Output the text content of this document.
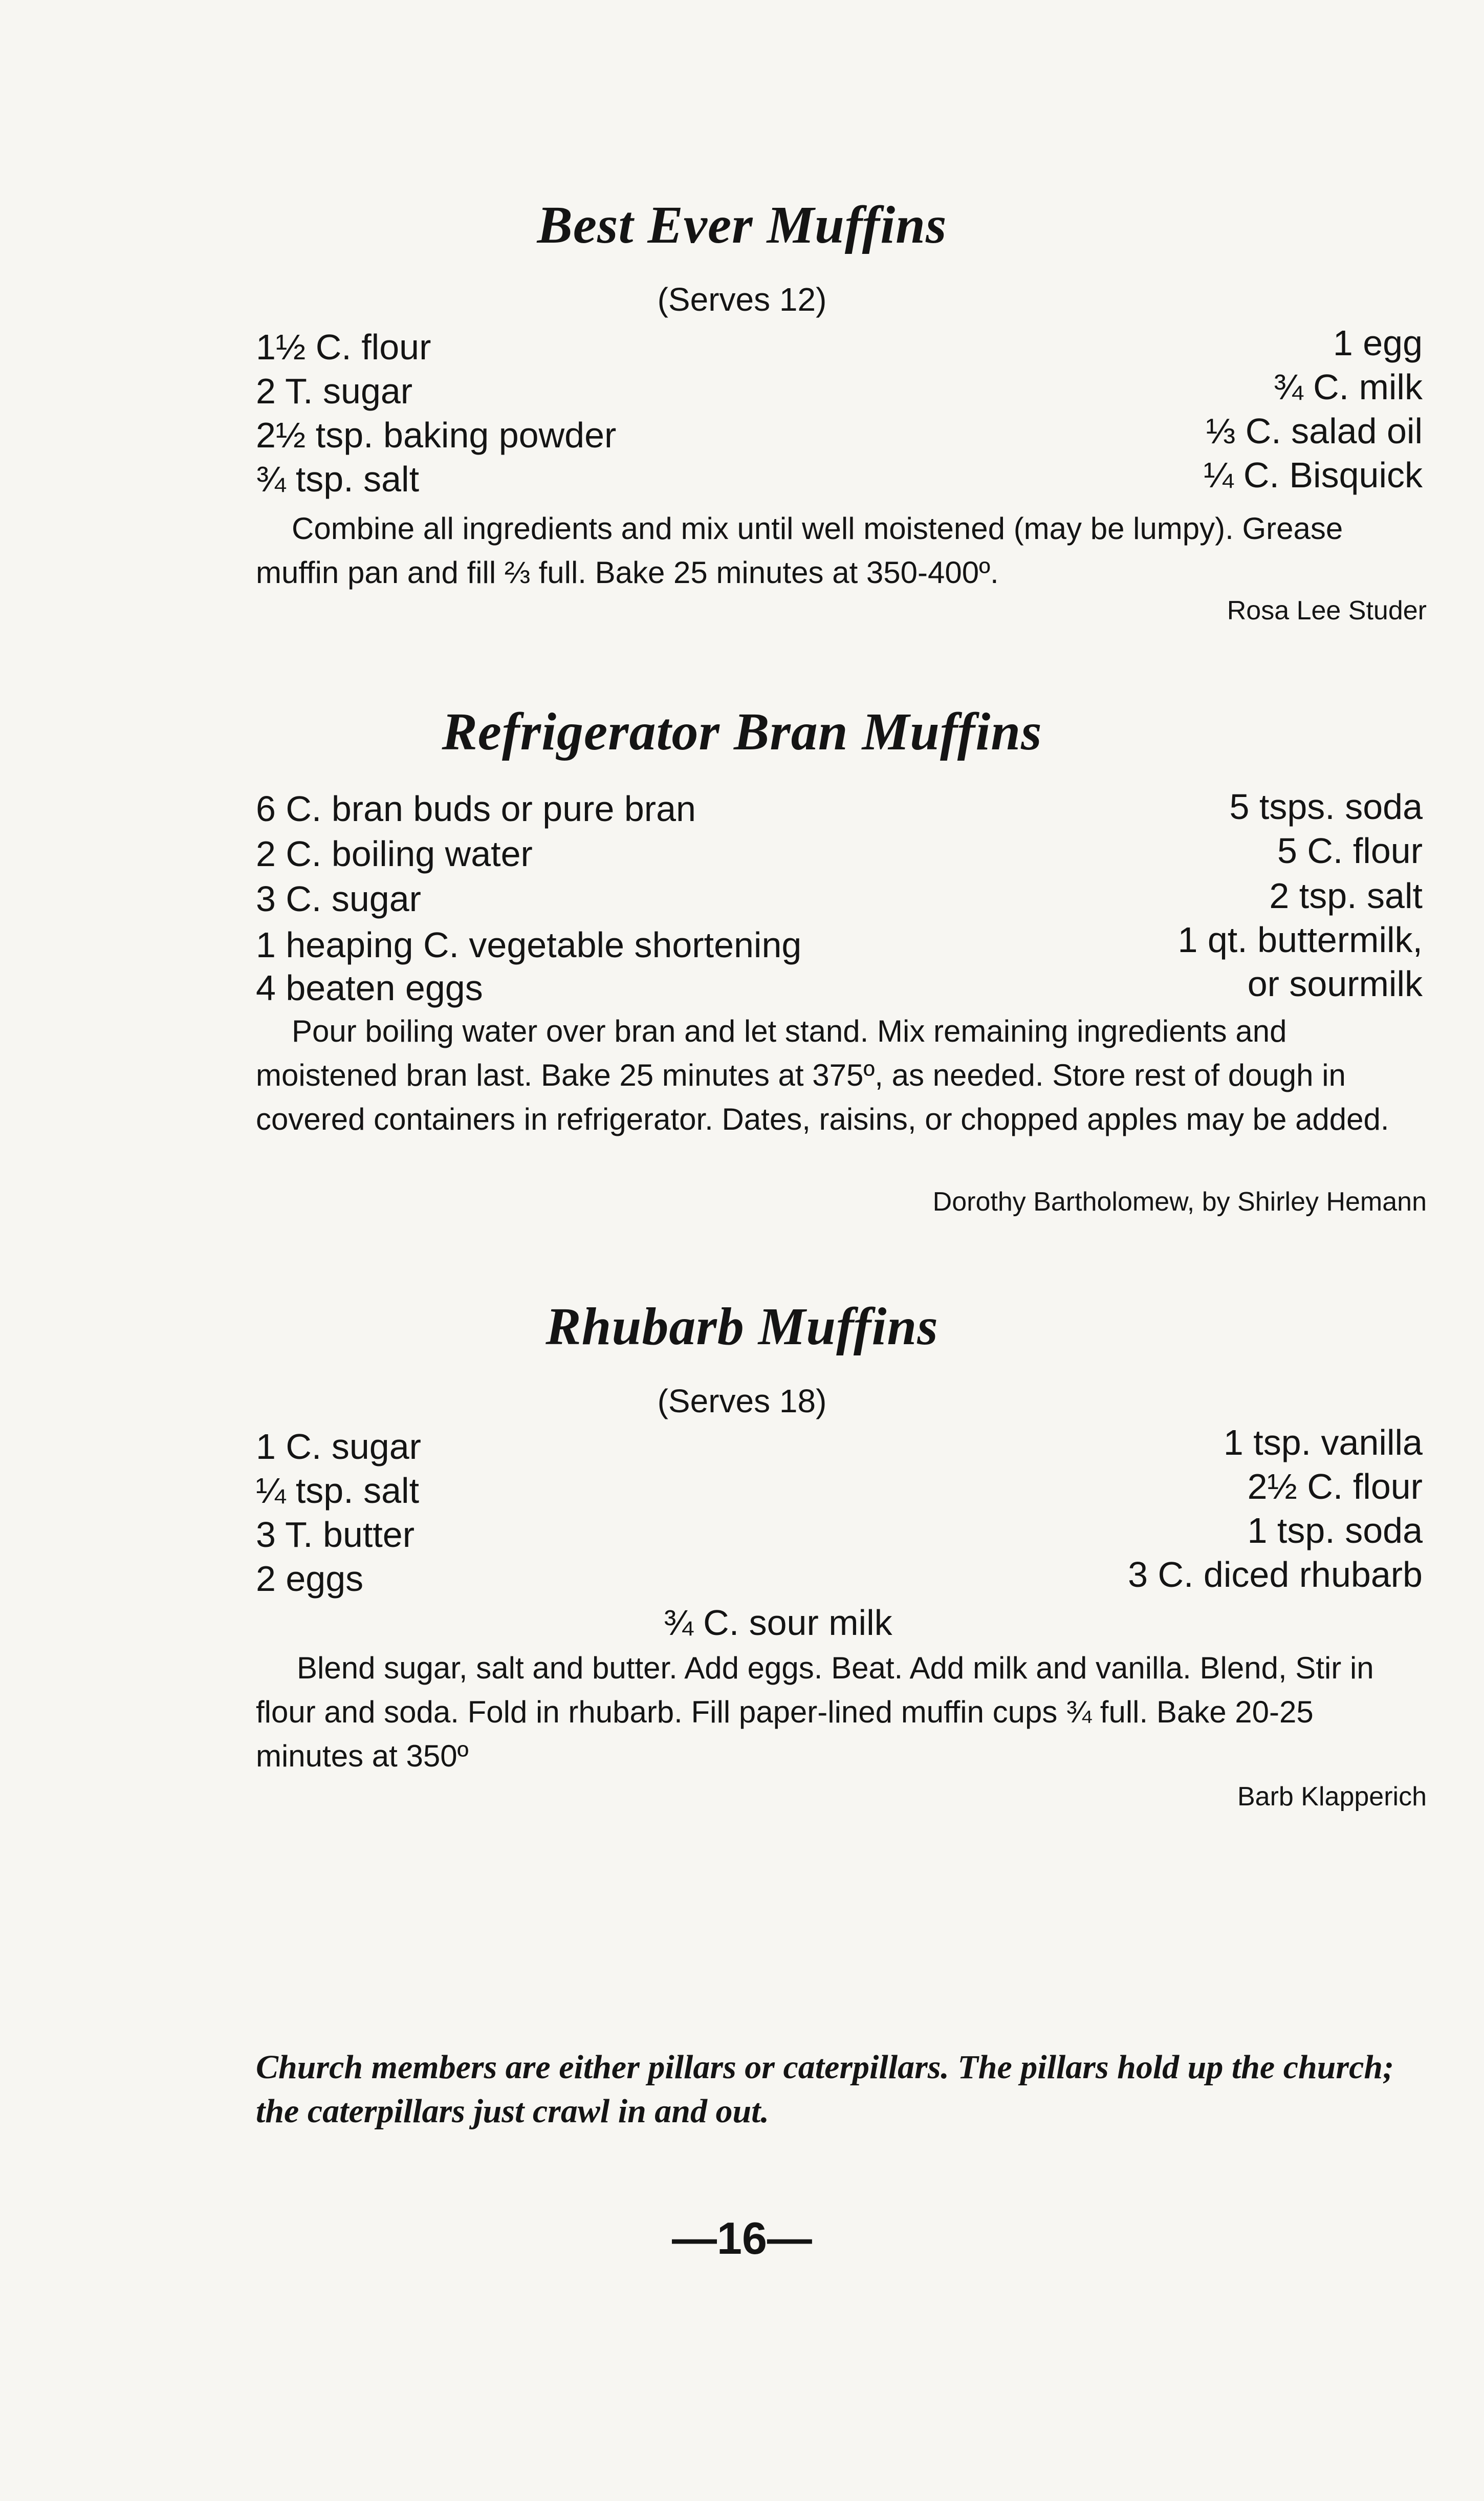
Best Ever Muffins
(Serves 12)
1½ C. flour
2 T. sugar
2½ tsp. baking powder
¾ tsp. salt
1 egg
¾ C. milk
⅓ C. salad oil
¼ C. Bisquick
Combine all ingredients and mix until well moistened (may be lumpy). Grease muffin pan and fill ⅔ full. Bake 25 minutes at 350-400º.
Rosa Lee Studer
Refrigerator Bran Muffins
6 C. bran buds or pure bran
2 C. boiling water
3 C. sugar
1 heaping C. vegetable shortening
4 beaten eggs
5 tsps. soda
5 C. flour
2 tsp. salt
1 qt. buttermilk,
or sourmilk
Pour boiling water over bran and let stand. Mix remaining ingredients and moistened bran last. Bake 25 minutes at 375º, as needed. Store rest of dough in covered containers in refrigerator. Dates, raisins, or chopped apples may be added.
Dorothy Bartholomew, by Shirley Hemann
Rhubarb Muffins
(Serves 18)
1 C. sugar
¼ tsp. salt
3 T. butter
2 eggs
1 tsp. vanilla
2½ C. flour
1 tsp. soda
3 C. diced rhubarb
¾ C. sour milk
Blend sugar, salt and butter. Add eggs. Beat. Add milk and vanilla. Blend, Stir in flour and soda. Fold in rhubarb. Fill paper-lined muffin cups ¾ full. Bake 20-25 minutes at 350º
Barb Klapperich
Church members are either pillars or caterpillars. The pillars hold up the church; the caterpillars just crawl in and out.
—16—
